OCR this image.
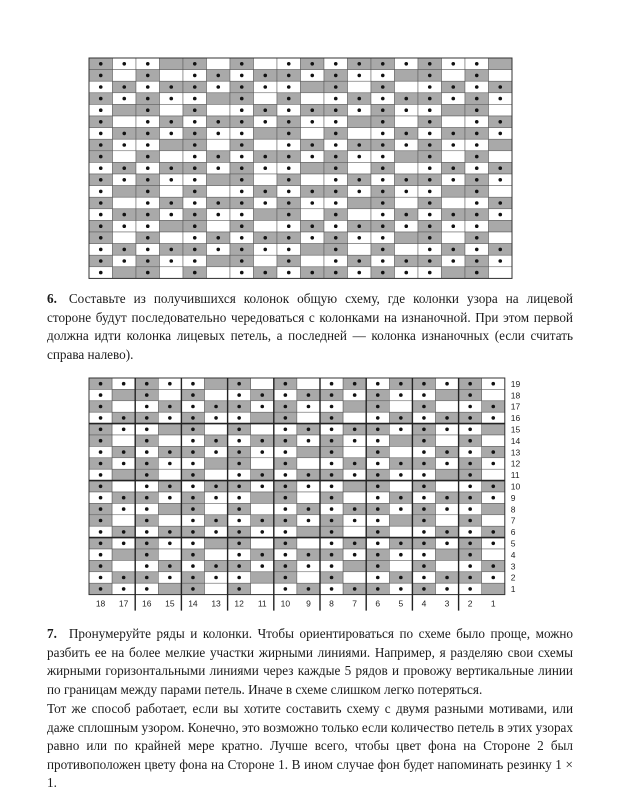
6. Составьте из получившихся колонок общую схему, где колонки узора на лицевой стороне будут последовательно чередоваться с колонками на изнаночной. При этом первой должна идти колонка лицевых петель, а последней — колонка изнаночных (если считать справа налево).

19
18
17
16
15
14
13
12
11
10
9
8
7
6
5
4
3
2
1
18 17 16 15 14 13 12 11 10 9 8 7 6 5 4 3 2 1

7. Пронумеруйте ряды и колонки. Чтобы ориентироваться по схеме было проще, можно разбить ее на более мелкие участки жирными линиями. Например, я разделяю свои схемы жирными горизонтальными линиями через каждые 5 рядов и провожу вертикальные линии по границам между парами петель. Иначе в схеме слишком легко потеряться.

Тот же способ работает, если вы хотите составить схему с двумя разными мотивами, или даже сплошным узором. Конечно, это возможно только если количество петель в этих узорах равно или по крайней мере кратно. Лучше всего, чтобы цвет фона на Стороне 2 был противоположен цвету фона на Стороне 1. В ином случае фон будет напоминать резинку 1 × 1.
